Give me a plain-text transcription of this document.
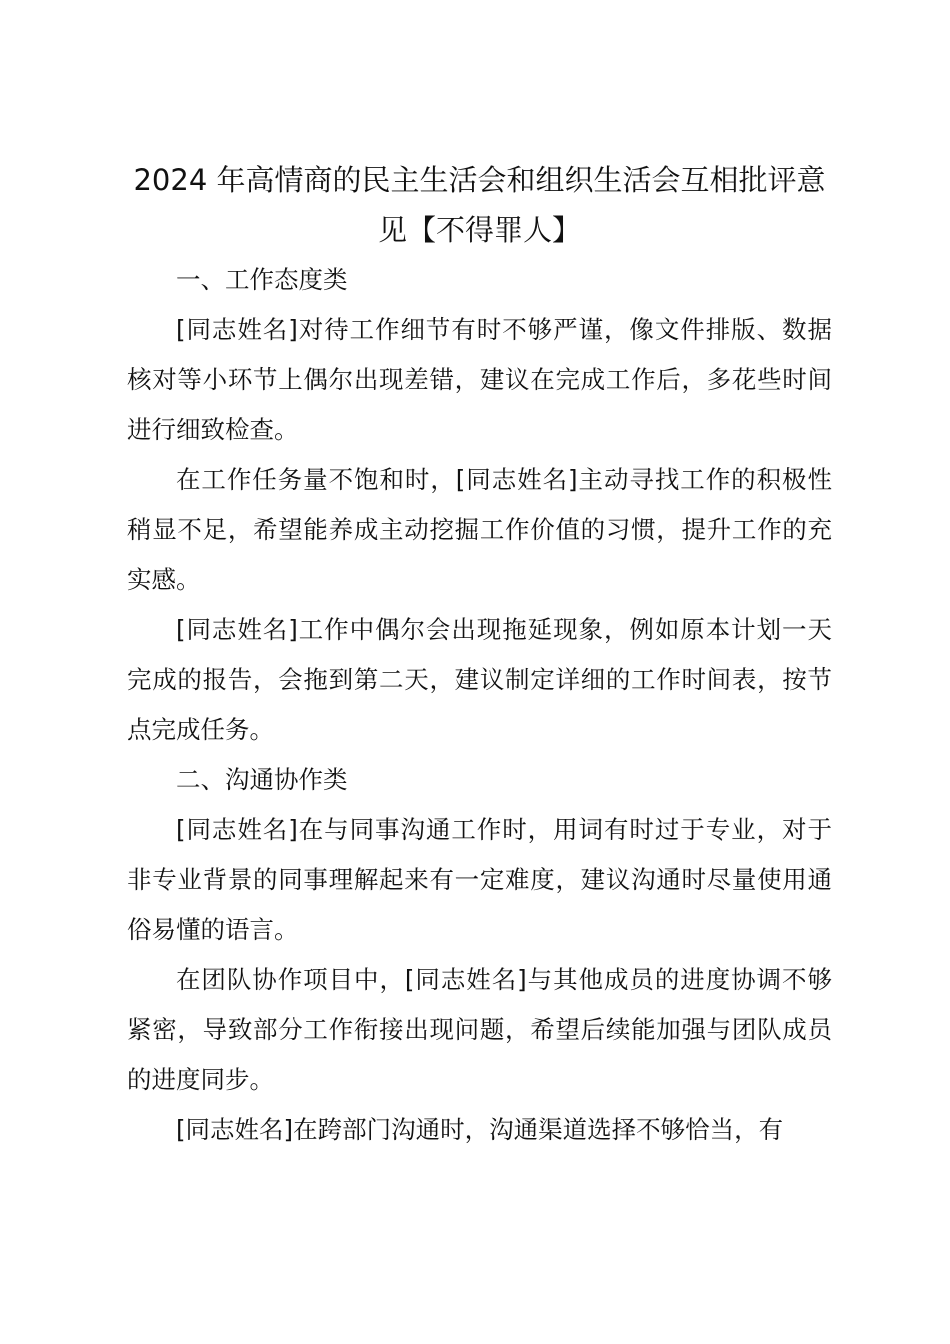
2024 年高情商的民主生活会和组织生活会互相批评意见【不得罪人】

一、工作态度类

[同志姓名]对待工作细节有时不够严谨，像文件排版、数据核对等小环节上偶尔出现差错，建议在完成工作后，多花些时间进行细致检查。

在工作任务量不饱和时，[同志姓名]主动寻找工作的积极性稍显不足，希望能养成主动挖掘工作价值的习惯，提升工作的充实感。

[同志姓名]工作中偶尔会出现拖延现象，例如原本计划一天完成的报告，会拖到第二天，建议制定详细的工作时间表，按节点完成任务。

二、沟通协作类

[同志姓名]在与同事沟通工作时，用词有时过于专业，对于非专业背景的同事理解起来有一定难度，建议沟通时尽量使用通俗易懂的语言。

在团队协作项目中，[同志姓名]与其他成员的进度协调不够紧密，导致部分工作衔接出现问题，希望后续能加强与团队成员的进度同步。

[同志姓名]在跨部门沟通时，沟通渠道选择不够恰当，有
